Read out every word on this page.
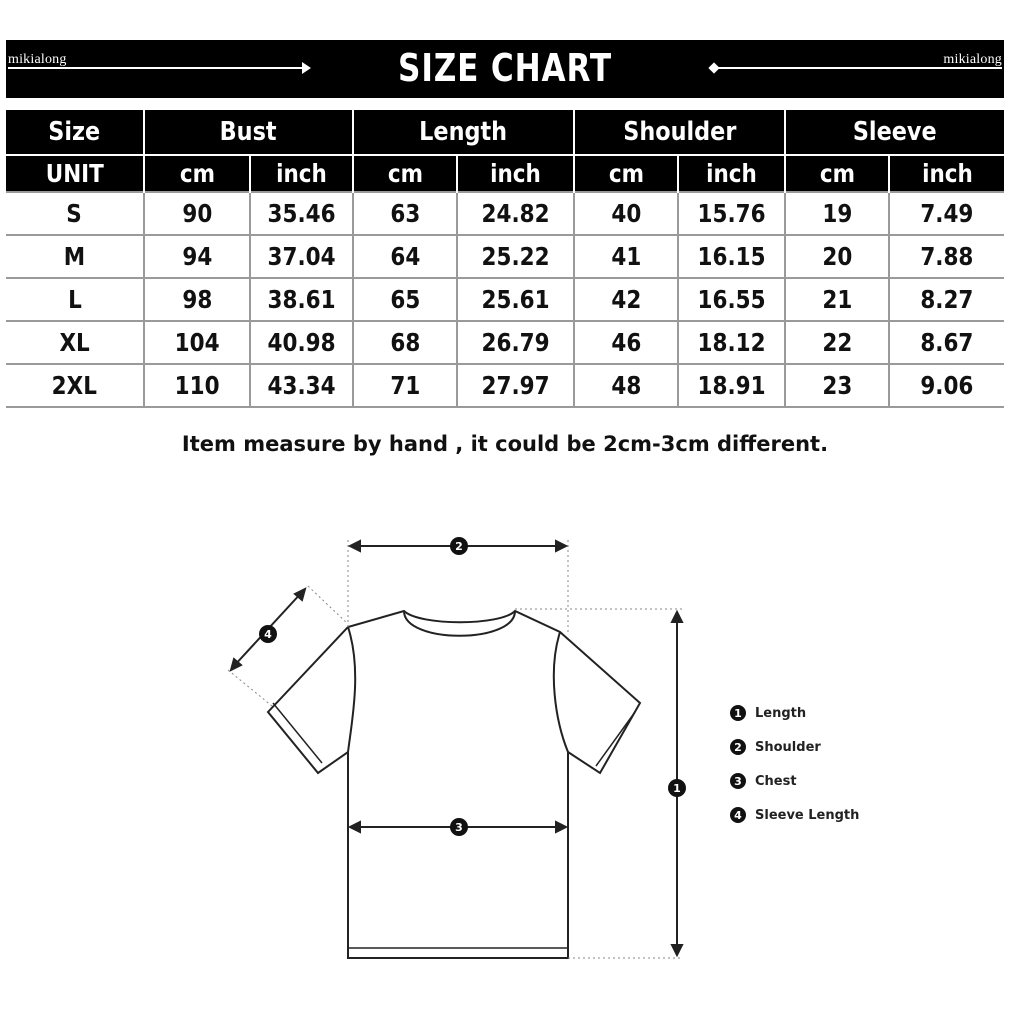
mikialong	SIZE CHART	mikialong
Size	Bust		Length		Shoulder		Sleeve	
UNIT	cm	inch	cm	inch	cm	inch	cm	inch
S	90	35.46	63	24.82	40	15.76	19	7.49
M	94	37.04	64	25.22	41	16.15	20	7.88
L	98	38.61	65	25.61	42	16.55	21	8.27
XL	104	40.98	68	26.79	46	18.12	22	8.67
2XL	110	43.34	71	27.97	48	18.91	23	9.06
Item measure by hand , it could be 2cm-3cm different.
2
3
1
4
1	Length
2	Shoulder
3	Chest
4	Sleeve Length
